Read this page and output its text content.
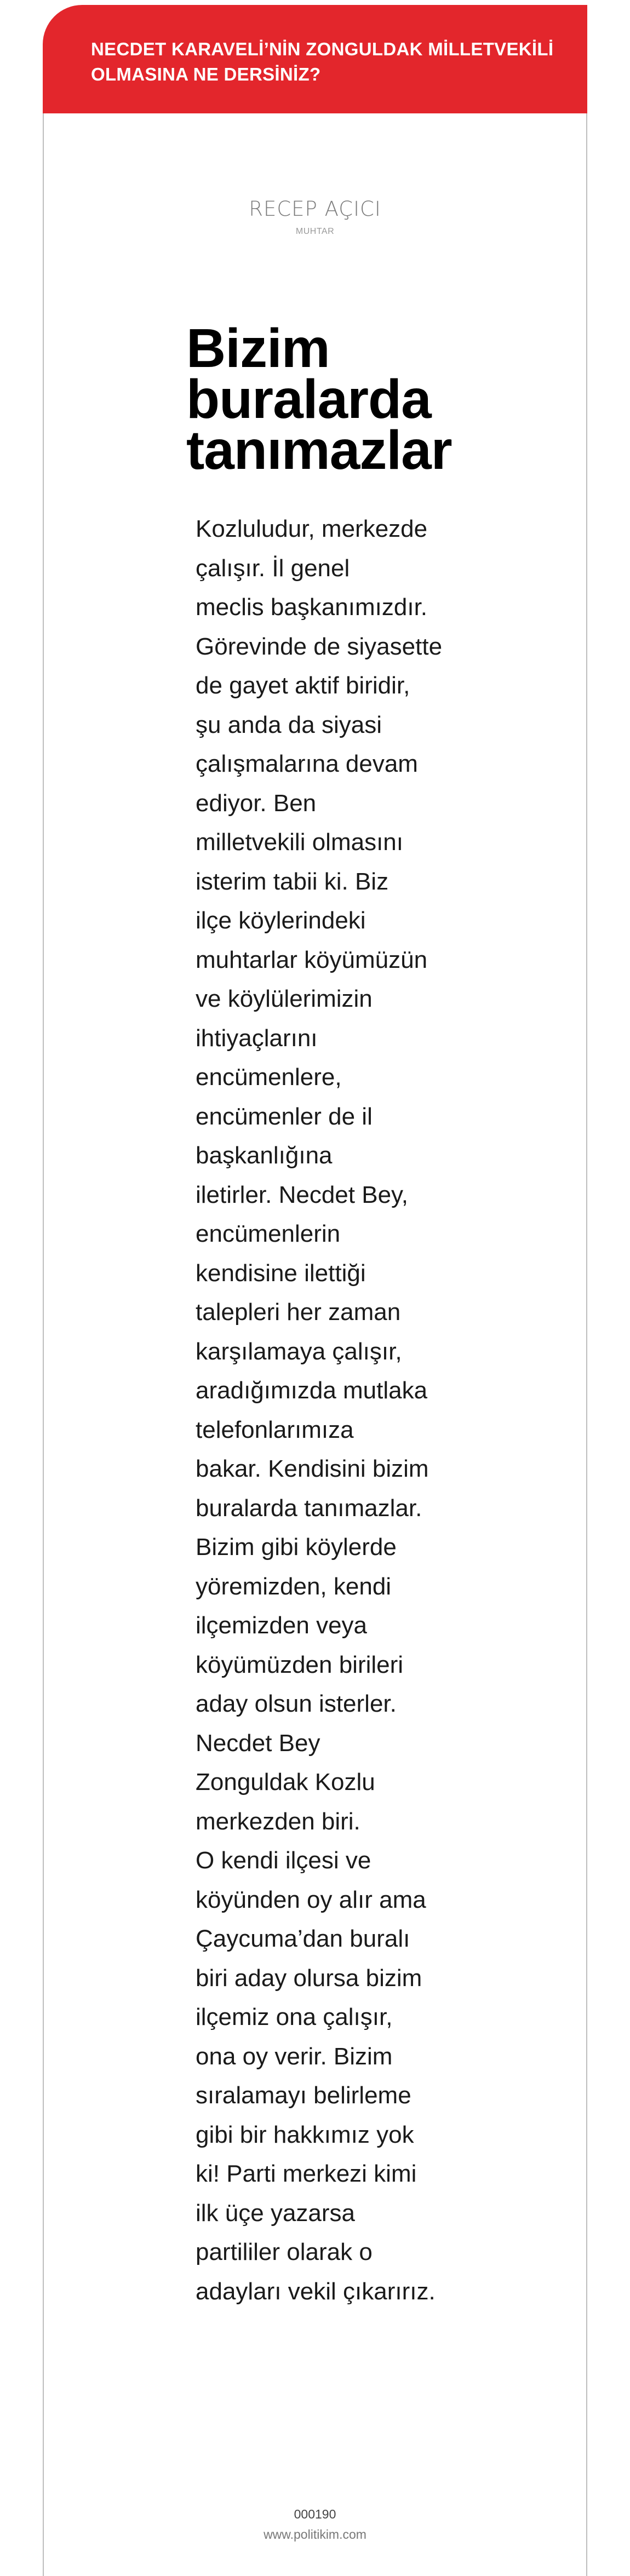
NECDET KARAVELİ’NİN ZONGULDAK MİLLETVEKİLİ
OLMASINA NE DERSİNİZ?
RECEP AÇICI
MUHTAR
Bizim
buralarda
tanımazlar

Kozluludur, merkezde
çalışır. İl genel
meclis başkanımızdır.
Görevinde de siyasette
de gayet aktif biridir,
şu anda da siyasi
çalışmalarına devam
ediyor. Ben
milletvekili olmasını
isterim tabii ki. Biz
ilçe köylerindeki
muhtarlar köyümüzün
ve köylülerimizin
ihtiyaçlarını
encümenlere,
encümenler de il
başkanlığına
iletirler. Necdet Bey,
encümenlerin
kendisine ilettiği
talepleri her zaman
karşılamaya çalışır,
aradığımızda mutlaka
telefonlarımıza
bakar. Kendisini bizim
buralarda tanımazlar.
Bizim gibi köylerde
yöremizden, kendi
ilçemizden veya
köyümüzden birileri
aday olsun isterler.
Necdet Bey
Zonguldak Kozlu
merkezden biri.
O kendi ilçesi ve
köyünden oy alır ama
Çaycuma’dan buralı
biri aday olursa bizim
ilçemiz ona çalışır,
ona oy verir. Bizim
sıralamayı belirleme
gibi bir hakkımız yok
ki! Parti merkezi kimi
ilk üçe yazarsa
partililer olarak o
adayları vekil çıkarırız.

000190
www.politikim.com
